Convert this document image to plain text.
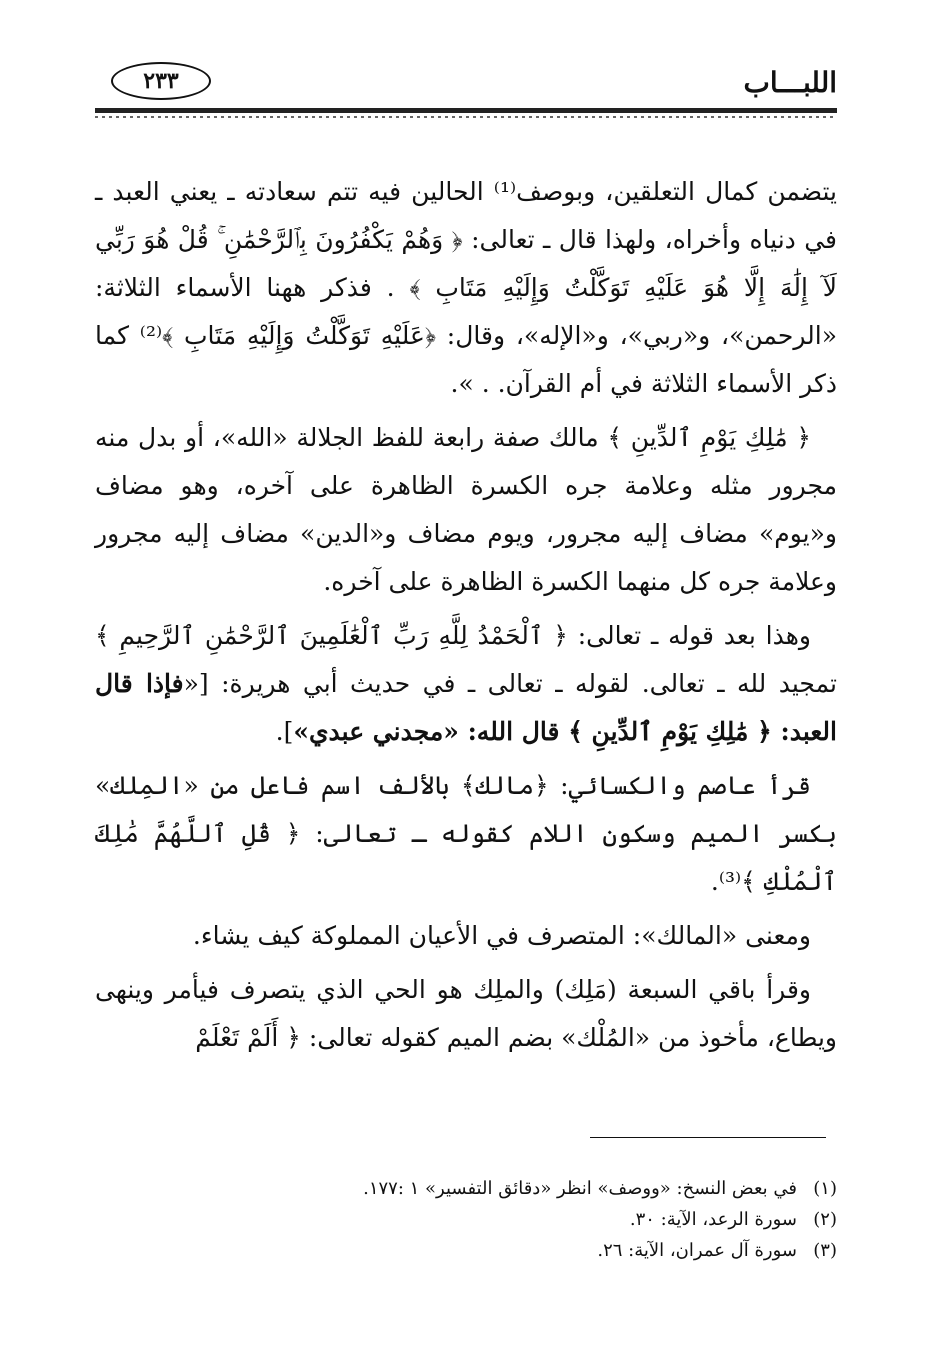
٢٣٣	اللبـــاب

يتضمن كمال التعلقين، وبوصف⁽¹⁾ الحالين فيه تتم سعادته ـ يعني العبد ـ في دنياه وأخراه، ولهذا قال ـ تعالى: ﴿ وَهُمْ يَكْفُرُونَ بِٱلرَّحْمَٰنِ ۚ قُلْ هُوَ رَبِّي لَآ إِلَٰهَ إِلَّا هُوَ عَلَيْهِ تَوَكَّلْتُ وَإِلَيْهِ مَتَابِ ﴾ . فذكر ههنا الأسماء الثلاثة: «الرحمن»، و«ربي»، و«الإله»، وقال: ﴿عَلَيْهِ تَوَكَّلْتُ وَإِلَيْهِ مَتَابِ ﴾⁽²⁾ كما ذكر الأسماء الثلاثة في أم القرآن. . ».

﴿ مَٰلِكِ يَوْمِ ٱلدِّينِ ﴾ مالك صفة رابعة للفظ الجلالة «الله»، أو بدل منه مجرور مثله وعلامة جره الكسرة الظاهرة على آخره، وهو مضاف و«يوم» مضاف إليه مجرور، ويوم مضاف و«الدين» مضاف إليه مجرور وعلامة جره كل منهما الكسرة الظاهرة على آخره.

وهذا بعد قوله ـ تعالى: ﴿ ٱلْحَمْدُ لِلَّهِ رَبِّ ٱلْعَٰلَمِينَ ٱلرَّحْمَٰنِ ٱلرَّحِيمِ ﴾ تمجيد لله ـ تعالى. لقوله ـ تعالى ـ في حديث أبي هريرة: [«فإذا قال العبد: ﴿ مَٰلِكِ يَوْمِ ٱلدِّينِ ﴾ قال الله: «مجدني عبدي»].

قرأ عاصم والكسائي: ﴿مالك﴾ بالألف اسم فاعل من «المِلك» بكسر الميم وسكون اللام كقوله ـ تعالى: ﴿ قُلِ ٱللَّهُمَّ مَٰلِكَ ٱلْمُلْكِ ﴾⁽³⁾.

ومعنى «المالك»: المتصرف في الأعيان المملوكة كيف يشاء.

وقرأ باقي السبعة (مَلِك) والملِك هو الحي الذي يتصرف فيأمر وينهى ويطاع، مأخوذ من «المُلْك» بضم الميم كقوله تعالى: ﴿ أَلَمْ تَعْلَمْ

(١)في بعض النسخ: «ووصف» انظر «دقائق التفسير» ١ :١٧٧.
(٢)سورة الرعد، الآية: ٣٠.
(٣)سورة آل عمران، الآية: ٢٦.
